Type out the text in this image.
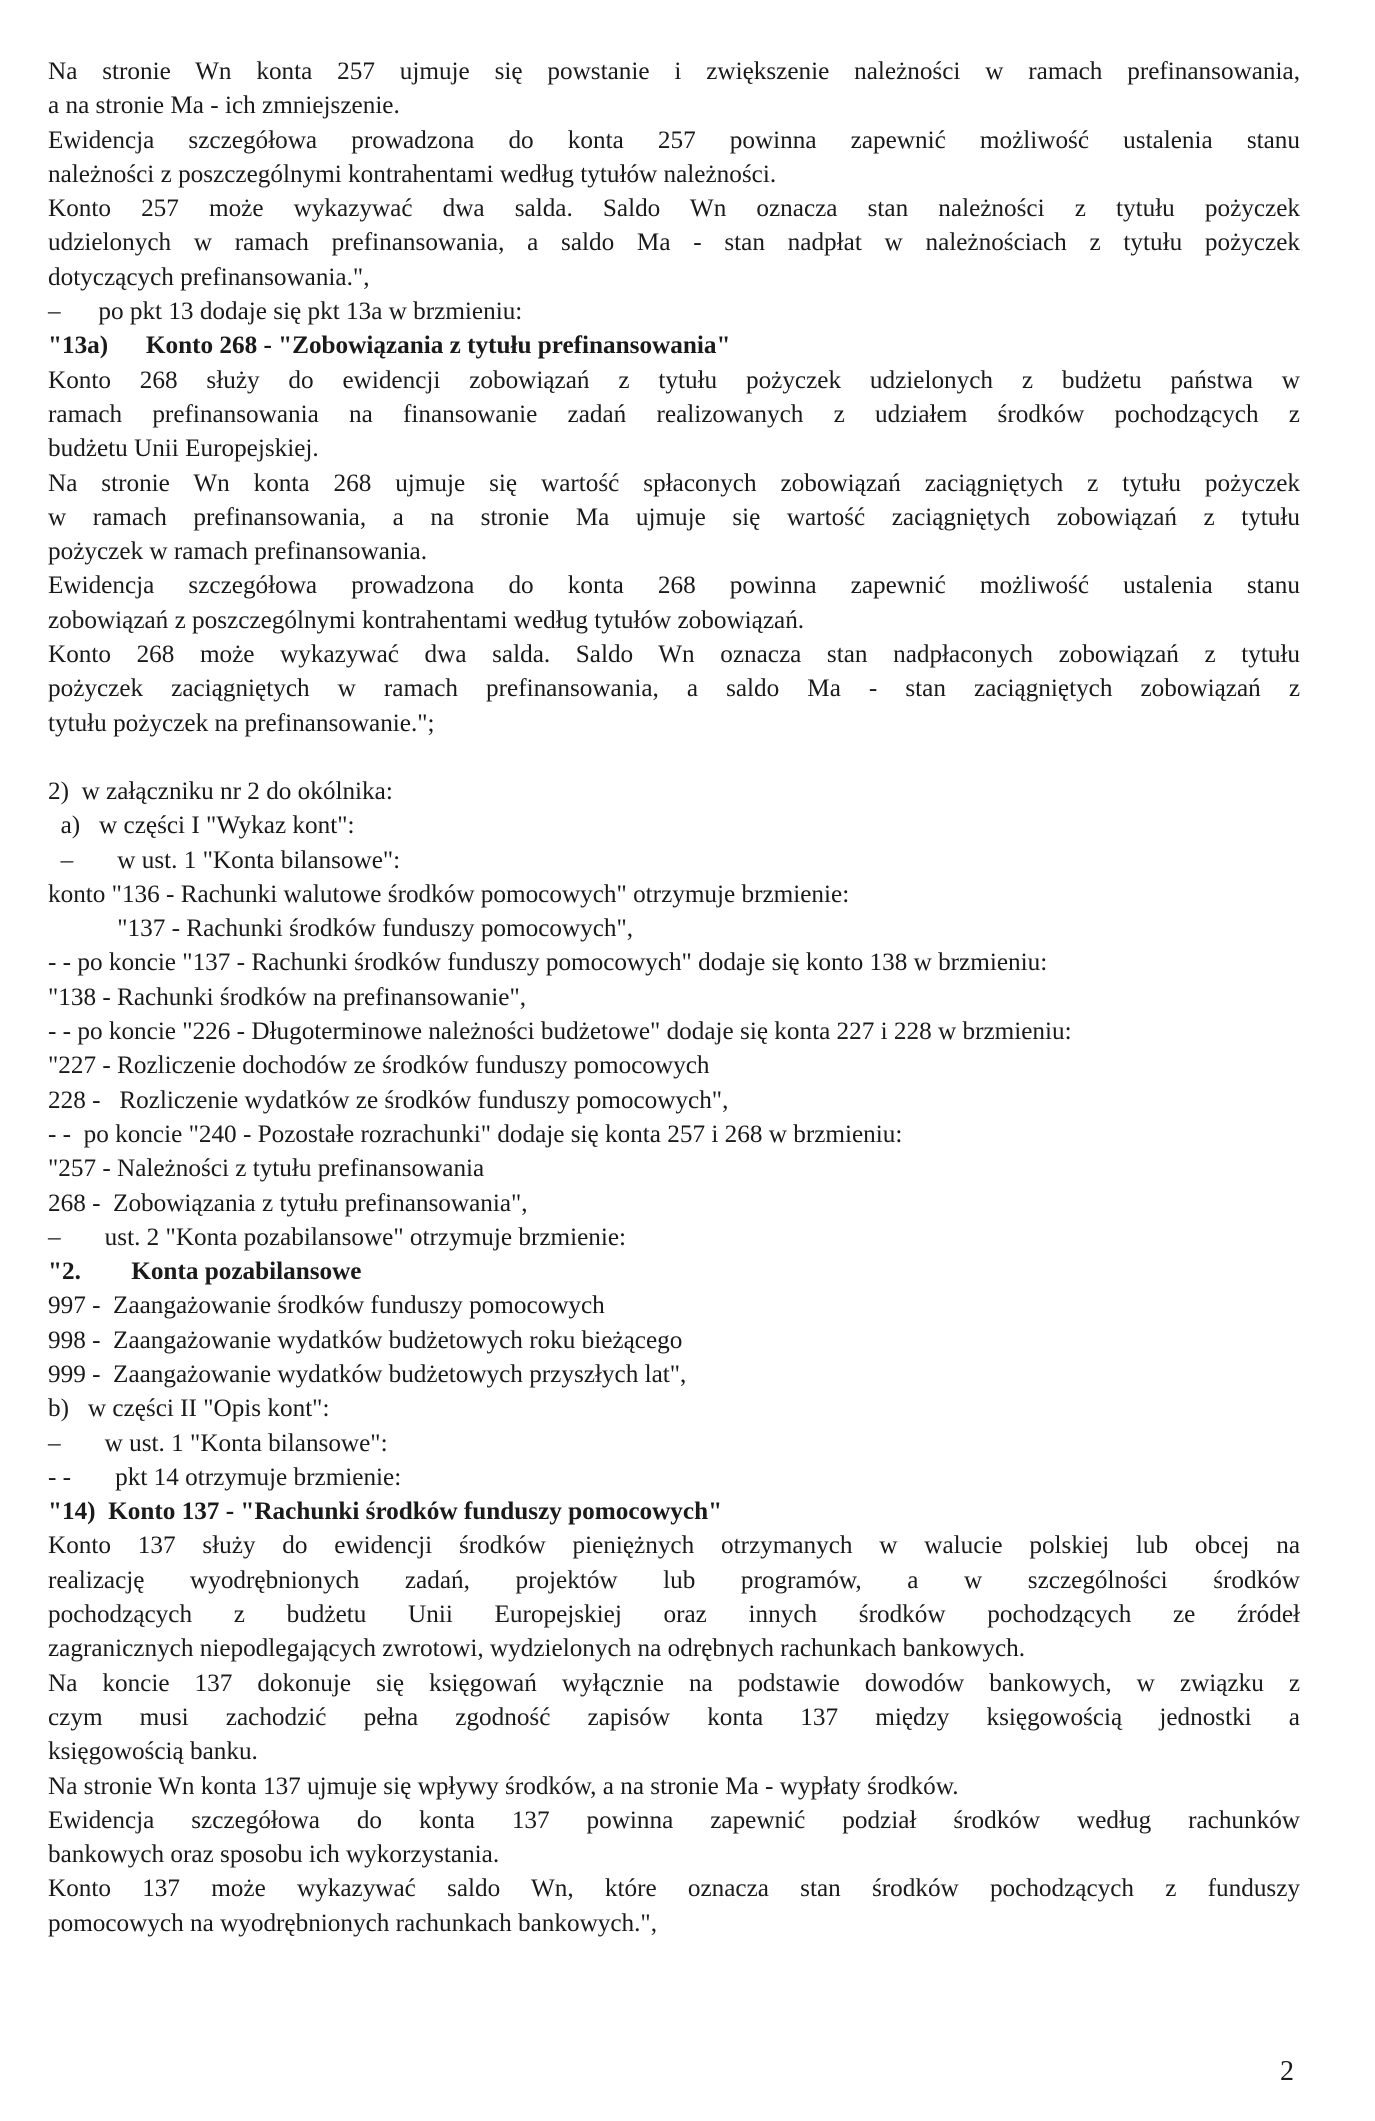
Na stronie Wn konta 257 ujmuje się powstanie i zwiększenie należności w ramach prefinansowania,
a na stronie Ma - ich zmniejszenie.
Ewidencja szczegółowa prowadzona do konta 257 powinna zapewnić możliwość ustalenia stanu
należności z poszczególnymi kontrahentami według tytułów należności.
Konto 257 może wykazywać dwa salda. Saldo Wn oznacza stan należności z tytułu pożyczek
udzielonych w ramach prefinansowania, a saldo Ma - stan nadpłat w należnościach z tytułu pożyczek
dotyczących prefinansowania.",
–      po pkt 13 dodaje się pkt 13a w brzmieniu:
"13a)      Konto 268 - "Zobowiązania z tytułu prefinansowania"
Konto 268 służy do ewidencji zobowiązań z tytułu pożyczek udzielonych z budżetu państwa w
ramach prefinansowania na finansowanie zadań realizowanych z udziałem środków pochodzących z
budżetu Unii Europejskiej.
Na stronie Wn konta 268 ujmuje się wartość spłaconych zobowiązań zaciągniętych z tytułu pożyczek
w ramach prefinansowania, a na stronie Ma ujmuje się wartość zaciągniętych zobowiązań z tytułu
pożyczek w ramach prefinansowania.
Ewidencja szczegółowa prowadzona do konta 268 powinna zapewnić możliwość ustalenia stanu
zobowiązań z poszczególnymi kontrahentami według tytułów zobowiązań.
Konto 268 może wykazywać dwa salda. Saldo Wn oznacza stan nadpłaconych zobowiązań z tytułu
pożyczek zaciągniętych w ramach prefinansowania, a saldo Ma - stan zaciągniętych zobowiązań z
tytułu pożyczek na prefinansowanie.";
2)  w załączniku nr 2 do okólnika:
a)   w części I "Wykaz kont":
–       w ust. 1 "Konta bilansowe":
konto "136 - Rachunki walutowe środków pomocowych" otrzymuje brzmienie:
"137 - Rachunki środków funduszy pomocowych",
- - po koncie "137 - Rachunki środków funduszy pomocowych" dodaje się konto 138 w brzmieniu:
"138 - Rachunki środków na prefinansowanie",
- - po koncie "226 - Długoterminowe należności budżetowe" dodaje się konta 227 i 228 w brzmieniu:
"227 - Rozliczenie dochodów ze środków funduszy pomocowych
228 -   Rozliczenie wydatków ze środków funduszy pomocowych",
- -  po koncie "240 - Pozostałe rozrachunki" dodaje się konta 257 i 268 w brzmieniu:
"257 - Należności z tytułu prefinansowania
268 -  Zobowiązania z tytułu prefinansowania",
–       ust. 2 "Konta pozabilansowe" otrzymuje brzmienie:
"2.        Konta pozabilansowe
997 -  Zaangażowanie środków funduszy pomocowych
998 -  Zaangażowanie wydatków budżetowych roku bieżącego
999 -  Zaangażowanie wydatków budżetowych przyszłych lat",
b)   w części II "Opis kont":
–       w ust. 1 "Konta bilansowe":
- -       pkt 14 otrzymuje brzmienie:
"14)  Konto 137 - "Rachunki środków funduszy pomocowych"
Konto 137 służy do ewidencji środków pieniężnych otrzymanych w walucie polskiej lub obcej na
realizację wyodrębnionych zadań, projektów lub programów, a w szczególności środków
pochodzących z budżetu Unii Europejskiej oraz innych środków pochodzących ze źródeł
zagranicznych niepodlegających zwrotowi, wydzielonych na odrębnych rachunkach bankowych.
Na koncie 137 dokonuje się księgowań wyłącznie na podstawie dowodów bankowych, w związku z
czym musi zachodzić pełna zgodność zapisów konta 137 między księgowością jednostki a
księgowością banku.
Na stronie Wn konta 137 ujmuje się wpływy środków, a na stronie Ma - wypłaty środków.
Ewidencja szczegółowa do konta 137 powinna zapewnić podział środków według rachunków
bankowych oraz sposobu ich wykorzystania.
Konto 137 może wykazywać saldo Wn, które oznacza stan środków pochodzących z funduszy
pomocowych na wyodrębnionych rachunkach bankowych.",
2
